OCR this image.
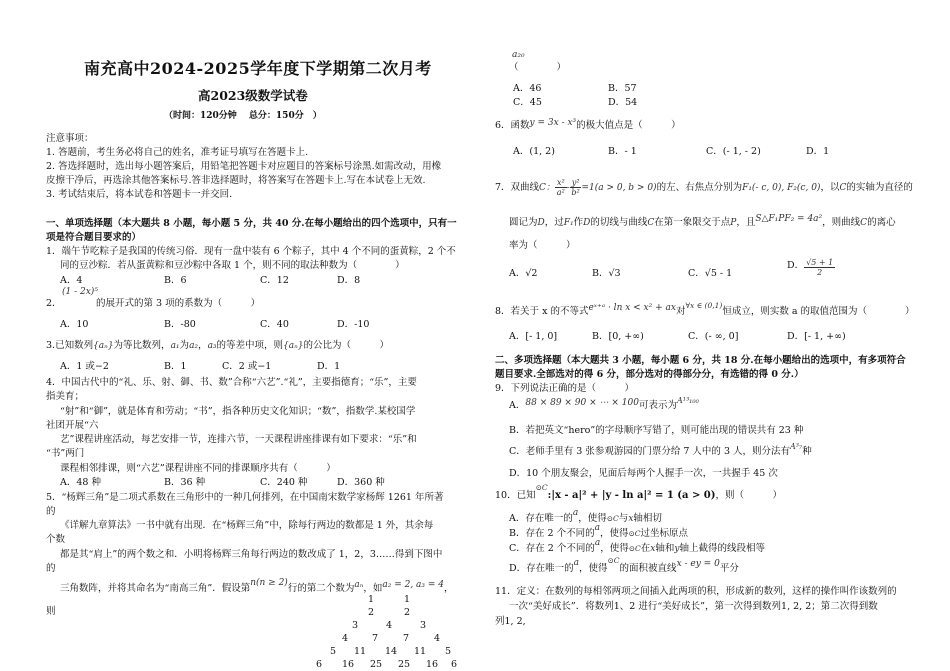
南充高中2024-2025学年度下学期第二次月考
高2023级数学试卷
（时间：120分钟　 总分：150分　）
注意事项：
1. 答题前，考生务必将自己的姓名，准考证号填写在答题卡上.
2. 答选择题时，选出每小题答案后，用铅笔把答题卡对应题目的答案标号涂黑.如需改动，用橡
皮擦干净后，再选涂其他答案标号.答非选择题时，将答案写在答题卡上.写在本试卷上无效.
3. 考试结束后，将本试卷和答题卡一并交回.
一、单项选择题（本大题共 8 小题，每小题 5 分，共 40 分.在每小题给出的四个选项中，只有一
项是符合题目要求的）
1．端午节吃粽子是我国的传统习俗．现有一盘中装有 6 个粽子，其中 4 个不同的蛋黄粽，2 个不
同的豆沙粽．若从蛋黄粽和豆沙粽中各取 1 个，则不同的取法种数为（　　　　）
A．4	B．6	C．12	D．8
2．
(1 - 2x)⁵
的展开式的第 3 项的系数为（　　　）
A．10	B．-80	C．40	D．-10
3.已知数列{aₙ}为等比数列，a₁为a₂，a₃的等差中项，则{aₙ}的公比为（　　　）
A．1 或−2	B．1	C．2 或−1	D．1
4．中国古代中的“礼、乐、射、御、书、数”合称“六艺”.“礼”，主要指德育；“乐”，主要
指美育；
“射”和“御”，就是体育和劳动；“书”，指各种历史文化知识；“数”，指数学.某校国学
社团开展“六
艺”课程讲座活动，每艺安排一节，连排六节，一天课程讲座排课有如下要求：“乐”和
“书”两门
课程相邻排课，则“六艺”课程讲座不同的排课顺序共有（　　　）
A．48 种	B．36 种	C．240 种	D．360 种
5．“杨辉三角”是二项式系数在三角形中的一种几何排列，在中国南宋数学家杨辉 1261 年所著
的
《详解九章算法》一书中就有出现．在“杨辉三角”中，除每行两边的数都是 1 外，其余每
个数
都是其“肩上”的两个数之和．小明将杨辉三角每行两边的数改成了 1，2，3……得到下图中
的
三角数阵，并将其命名为“南高三角”．假设第n(n ≥ 2)行的第二个数为aₙ，如a₂ = 2, a₃ = 4，
则
1	1
2	2
3	4	3
4	7	7	4
5 11 14 11 5
6 16 25 25 16 6
a₂₀
（　　　　）
A．46	B．57
C．45	D．54
6．函数y = 3x - x³的极大值点是（　　　）
A．(1, 2)	B．- 1	C．(- 1, - 2)	D．1
7．双曲线C： $\frac{\text{x²}}{\text{a²}} - \frac{\text{y²}}{\text{b²}} =1(a > 0$, b > 0)的左、右焦点分别为F₁(- c, 0), F₂(c, 0)，以C的实轴为直径的
圆记为D，过F₁作D的切线与曲线C在第一象限交于点P，且S△F₁PF₂ = 4a²，则曲线C的离心
率为（　　　）
A．√2	B．√3	C．√5 - 1
D． $\frac{√5 + 1}{2}$
8．若关于 x 的不等式eˣ⁺ᵃ · ln x < x² + ax对$^{\forall x \in (0,1)}$恒成立，则实数 a 的取值范围为（　　　　）
A．[- 1, 0]	B．[0, +∞)	C．(- ∞, 0]	D．[- 1, +∞)
二、多项选择题（本大题共 3 小题，每小题 6 分，共 18 分.在每小题给出的选项中，有多项符合
题目要求.全部选对的得 6 分，部分选对的得部分分，有选错的得 0 分.）
9．下列说法正确的是（　　　）
A．88 × 89 × 90 × ⋯ × 100可表示为$^{A^{13}_{100}}$
B．若把英文“hero”的字母顺序写错了，则可能出现的错误共有 23 种
C．老师手里有 3 张参观游园的门票分给 7 人中的 3 人，则分法有$^{A^3_7}$种
D．10 个朋友聚会，见面后每两个人握手一次，一共握手 45 次
10．已知$^{⊙C}$:|x - a|² + |y - ln a|² = 1 (a > 0)，则（　　　）
A．存在唯一的a，使得⊙C与x轴相切
B．存在 2 个不同的a，使得⊙C过坐标原点
C．存在 2 个不同的a，使得⊙C在x轴和y轴上截得的线段相等
D．存在唯一的a，使得$^{⊙C}$的面积被直线x - ey = 0平分
11．定义：在数列的每相邻两项之间插入此两项的积，形成新的数列，这样的操作叫作该数列的
一次“美好成长”．将数列1、2 进行“美好成长”，第一次得到数列1, 2, 2；第二次得到数
列1, 2,
